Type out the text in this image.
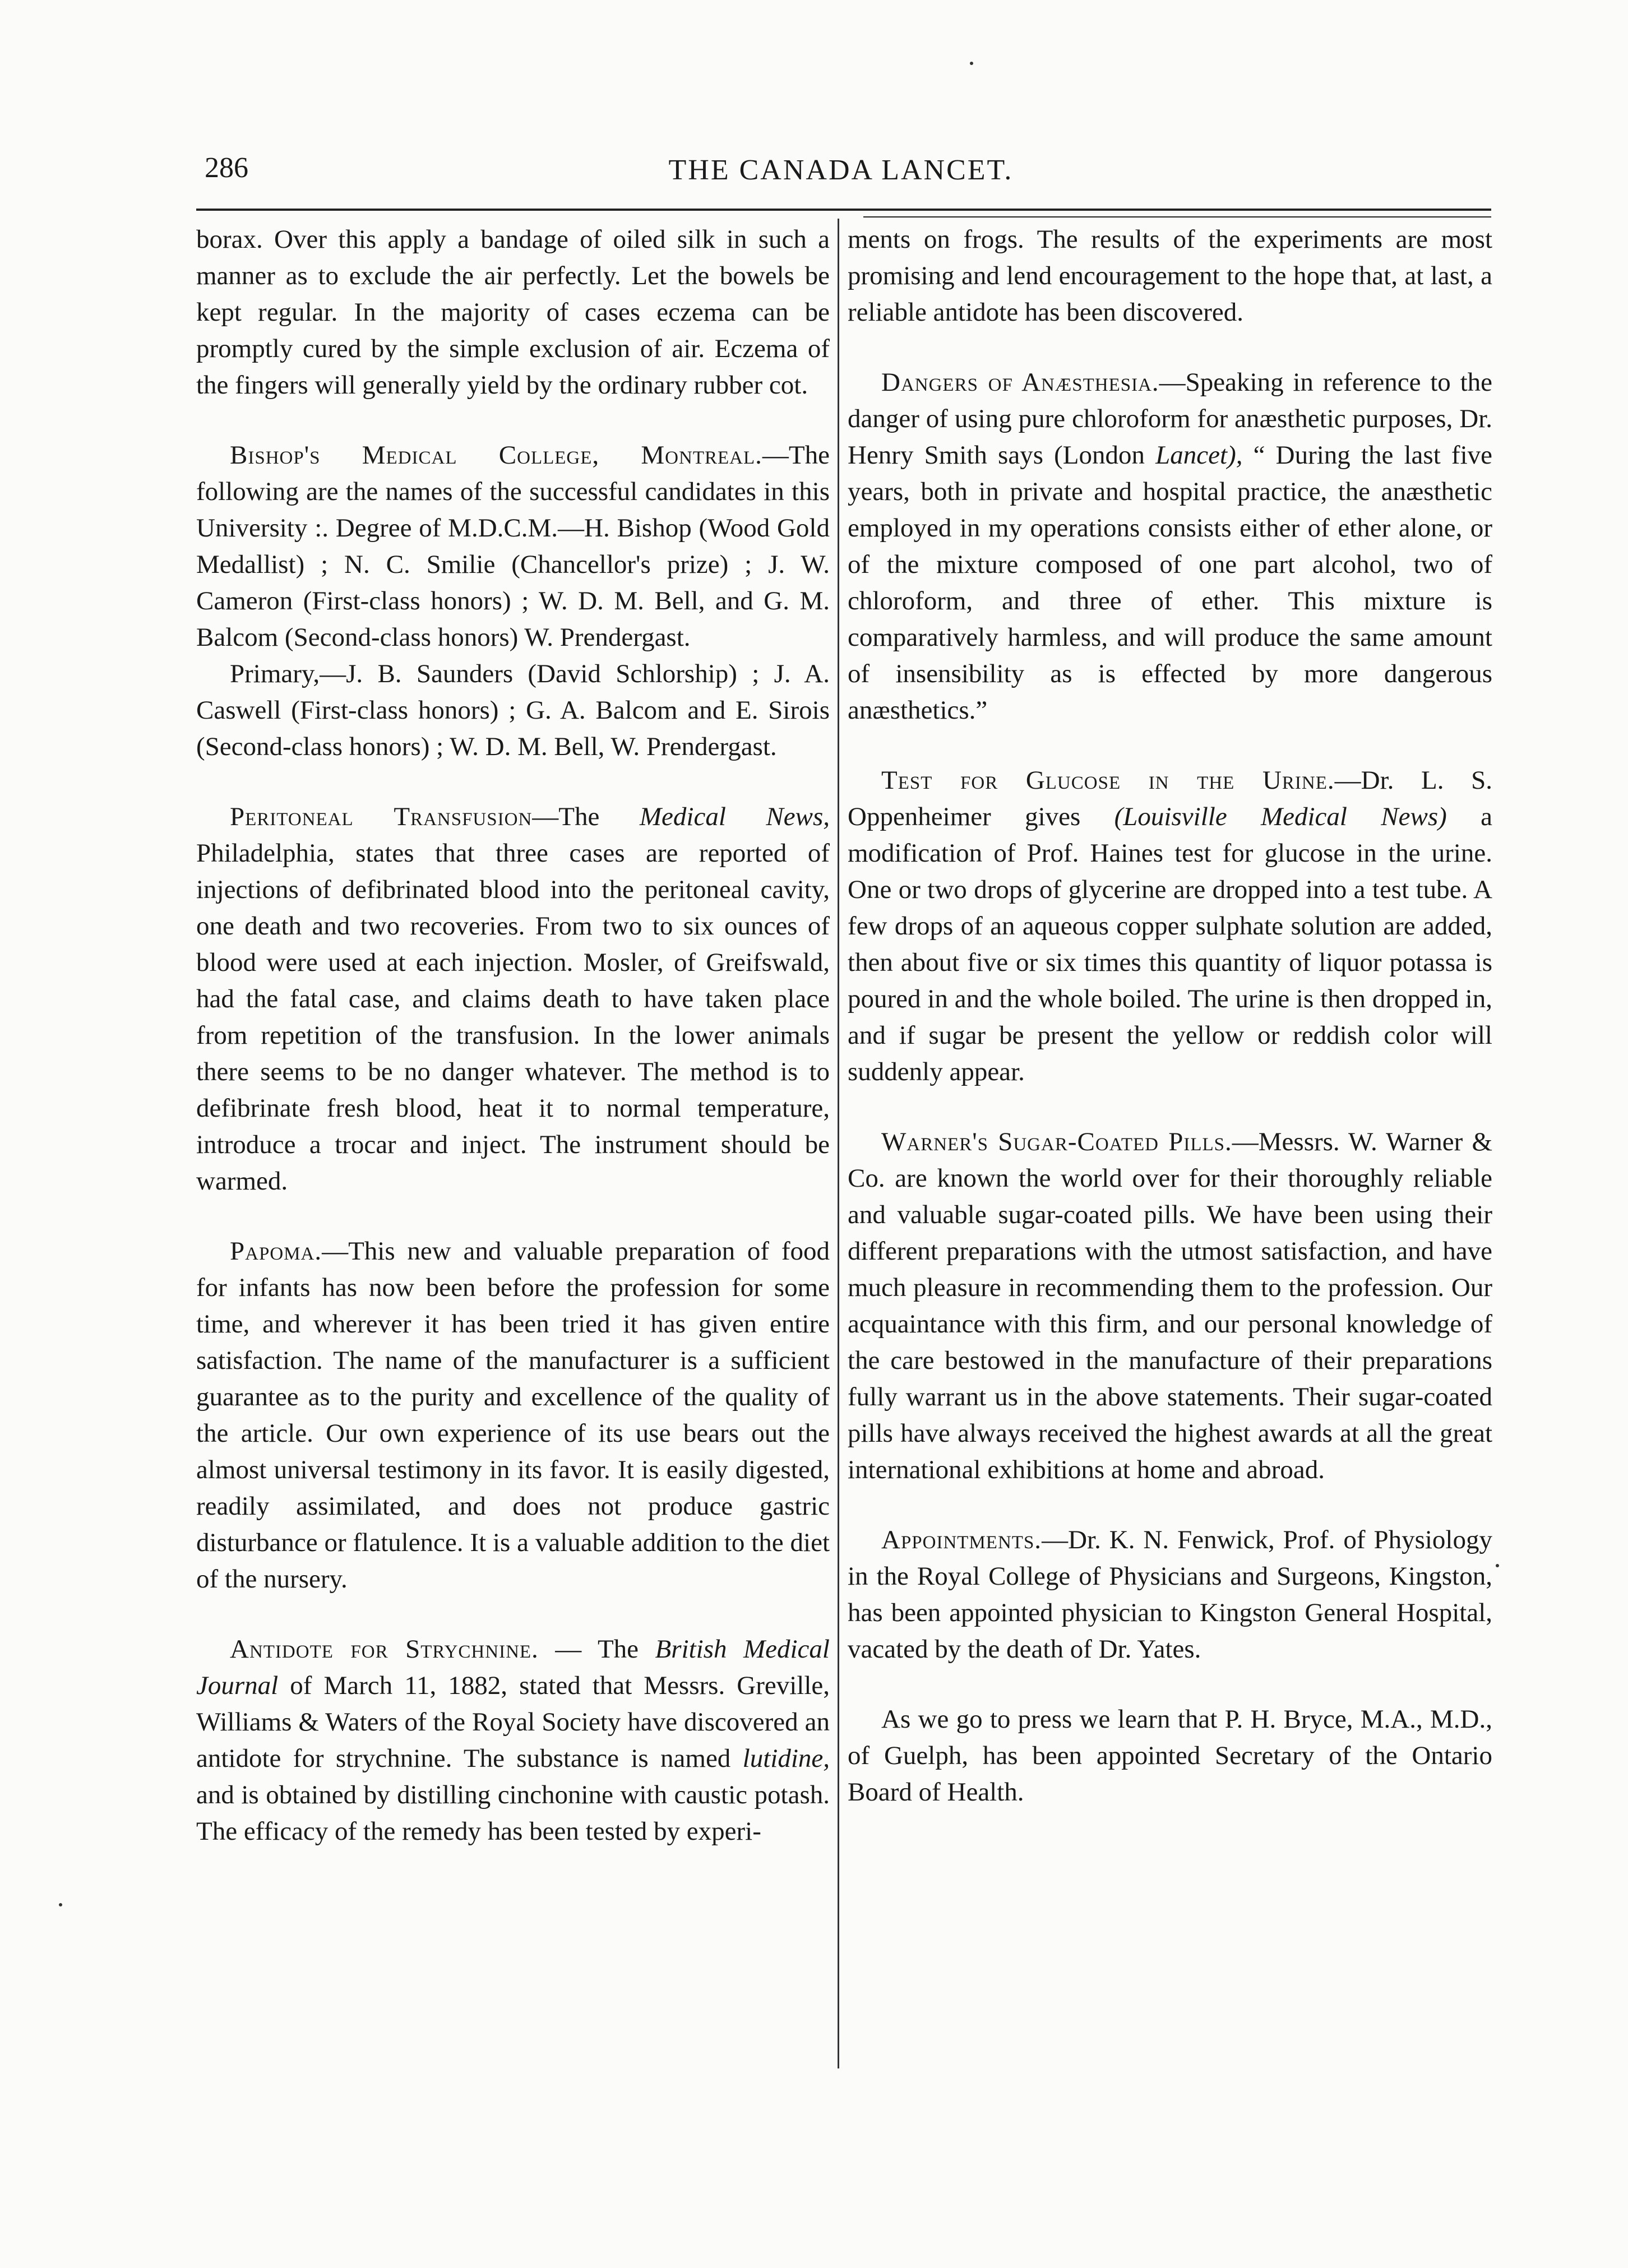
286	THE CANADA LANCET.

borax. Over this apply a bandage of oiled silk in such a manner as to exclude the air perfectly. Let the bowels be kept regular. In the majority of cases eczema can be promptly cured by the simple exclusion of air. Eczema of the fingers will generally yield by the ordinary rubber cot.

Bishop's Medical College, Montreal.—The following are the names of the successful candidates in this University :. Degree of M.D.C.M.—H. Bishop (Wood Gold Medallist) ; N. C. Smilie (Chancellor's prize) ; J. W. Cameron (First-class honors) ; W. D. M. Bell, and G. M. Balcom (Second-class honors) W. Prendergast.

Primary,—J. B. Saunders (David Schlorship) ; J. A. Caswell (First-class honors) ; G. A. Balcom and E. Sirois (Second-class honors) ; W. D. M. Bell, W. Prendergast.

Peritoneal Transfusion—The Medical News, Philadelphia, states that three cases are reported of injections of defibrinated blood into the peritoneal cavity, one death and two recoveries. From two to six ounces of blood were used at each injection. Mosler, of Greifswald, had the fatal case, and claims death to have taken place from repetition of the transfusion. In the lower animals there seems to be no danger whatever. The method is to defibrinate fresh blood, heat it to normal temperature, introduce a trocar and inject. The instrument should be warmed.

Papoma.—This new and valuable preparation of food for infants has now been before the profession for some time, and wherever it has been tried it has given entire satisfaction. The name of the manufacturer is a sufficient guarantee as to the purity and excellence of the quality of the article. Our own experience of its use bears out the almost universal testimony in its favor. It is easily digested, readily assimilated, and does not produce gastric disturbance or flatulence. It is a valuable addition to the diet of the nursery.

Antidote for Strychnine. — The British Medical Journal of March 11, 1882, stated that Messrs. Greville, Williams & Waters of the Royal Society have discovered an antidote for strychnine. The substance is named lutidine, and is obtained by distilling cinchonine with caustic potash. The efficacy of the remedy has been tested by experi-

ments on frogs. The results of the experiments are most promising and lend encouragement to the hope that, at last, a reliable antidote has been discovered.

Dangers of Anæsthesia.—Speaking in reference to the danger of using pure chloroform for anæsthetic purposes, Dr. Henry Smith says (London Lancet), “ During the last five years, both in private and hospital practice, the anæsthetic employed in my operations consists either of ether alone, or of the mixture composed of one part alcohol, two of chloroform, and three of ether. This mixture is comparatively harmless, and will produce the same amount of insensibility as is effected by more dangerous anæsthetics.”

Test for Glucose in the Urine.—Dr. L. S. Oppenheimer gives (Louisville Medical News) a modification of Prof. Haines test for glucose in the urine. One or two drops of glycerine are dropped into a test tube. A few drops of an aqueous copper sulphate solution are added, then about five or six times this quantity of liquor potassa is poured in and the whole boiled. The urine is then dropped in, and if sugar be present the yellow or reddish color will suddenly appear.

Warner's Sugar-Coated Pills.—Messrs. W. Warner & Co. are known the world over for their thoroughly reliable and valuable sugar-coated pills. We have been using their different preparations with the utmost satisfaction, and have much pleasure in recommending them to the profession. Our acquaintance with this firm, and our personal knowledge of the care bestowed in the manufacture of their preparations fully warrant us in the above statements. Their sugar-coated pills have always received the highest awards at all the great international exhibitions at home and abroad.

Appointments.—Dr. K. N. Fenwick, Prof. of Physiology in the Royal College of Physicians and Surgeons, Kingston, has been appointed physician to Kingston General Hospital, vacated by the death of Dr. Yates.

As we go to press we learn that P. H. Bryce, M.A., M.D., of Guelph, has been appointed Secretary of the Ontario Board of Health.
